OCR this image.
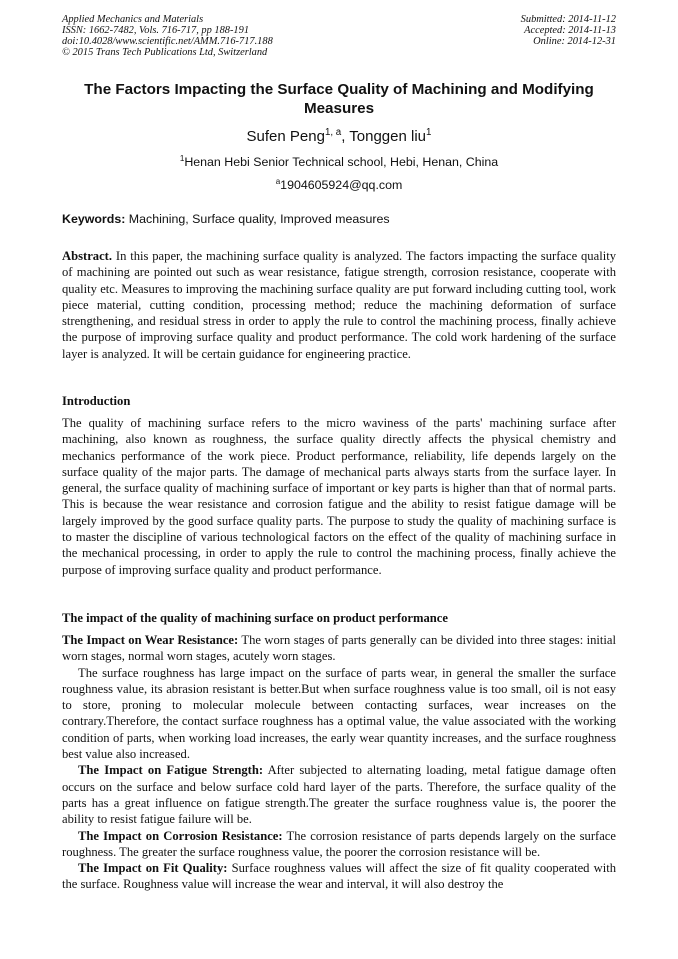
Applied Mechanics and Materials
ISSN: 1662-7482, Vols. 716-717, pp 188-191
doi:10.4028/www.scientific.net/AMM.716-717.188
© 2015 Trans Tech Publications Ltd, Switzerland
Submitted: 2014-11-12
Accepted: 2014-11-13
Online: 2014-12-31
The Factors Impacting the Surface Quality of Machining and Modifying Measures
Sufen Peng$^{1, a}$, Tonggen liu$^1$
$^1$Henan Hebi Senior Technical school, Hebi, Henan, China
$^a$1904605924@qq.com
Keywords: Machining, Surface quality, Improved measures

Abstract. In this paper, the machining surface quality is analyzed. The factors impacting the surface quality of machining are pointed out such as wear resistance, fatigue strength, corrosion resistance, cooperate with quality etc. Measures to improving the machining surface quality are put forward including cutting tool, work piece material, cutting condition, processing method; reduce the machining deformation of surface strengthening, and residual stress in order to apply the rule to control the machining process, finally achieve the purpose of improving surface quality and product performance. The cold work hardening of the surface layer is analyzed. It will be certain guidance for engineering practice.

Introduction

The quality of machining surface refers to the micro waviness of the parts' machining surface after machining, also known as roughness, the surface quality directly affects the physical chemistry and mechanics performance of the work piece. Product performance, reliability, life depends largely on the surface quality of the major parts. The damage of mechanical parts always starts from the surface layer. In general, the surface quality of machining surface of important or key parts is higher than that of normal parts. This is because the wear resistance and corrosion fatigue and the ability to resist fatigue damage will be largely improved by the good surface quality parts. The purpose to study the quality of machining surface is to master the discipline of various technological factors on the effect of the quality of machining surface in the mechanical processing, in order to apply the rule to control the machining process, finally achieve the purpose of improving surface quality and product performance.

The impact of the quality of machining surface on product performance

The Impact on Wear Resistance: The worn stages of parts generally can be divided into three stages: initial worn stages, normal worn stages, acutely worn stages.

The surface roughness has large impact on the surface of parts wear, in general the smaller the surface roughness value, its abrasion resistant is better.But when surface roughness value is too small, oil is not easy to store, proning to molecular molecule between contacting surfaces, wear increases on the contrary.Therefore, the contact surface roughness has a optimal value, the value associated with the working condition of parts, when working load increases, the early wear quantity increases, and the surface roughness best value also increased.

The Impact on Fatigue Strength: After subjected to alternating loading, metal fatigue damage often occurs on the surface and below surface cold hard layer of the parts. Therefore, the surface quality of the parts has a great influence on fatigue strength.The greater the surface roughness value is, the poorer the ability to resist fatigue failure will be.

The Impact on Corrosion Resistance: The corrosion resistance of parts depends largely on the surface roughness. The greater the surface roughness value, the poorer the corrosion resistance will be.

The Impact on Fit Quality: Surface roughness values will affect the size of fit quality cooperated with the surface. Roughness value will increase the wear and interval, it will also destroy the
